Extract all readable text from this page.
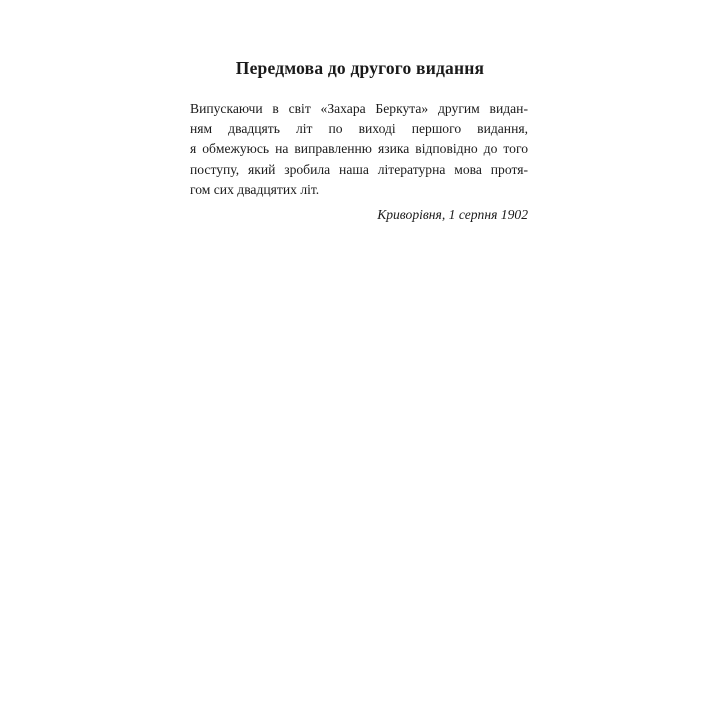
Передмова до другого видання
Випускаючи в світ «Захара Беркута» другим видан-
ням двадцять літ по виході першого видання,
я обмежуюсь на виправленню язика відповідно до того
поступу, який зробила наша літературна мова протя-
гом сих двадцятих літ.

Криворівня, 1 серпня 1902
